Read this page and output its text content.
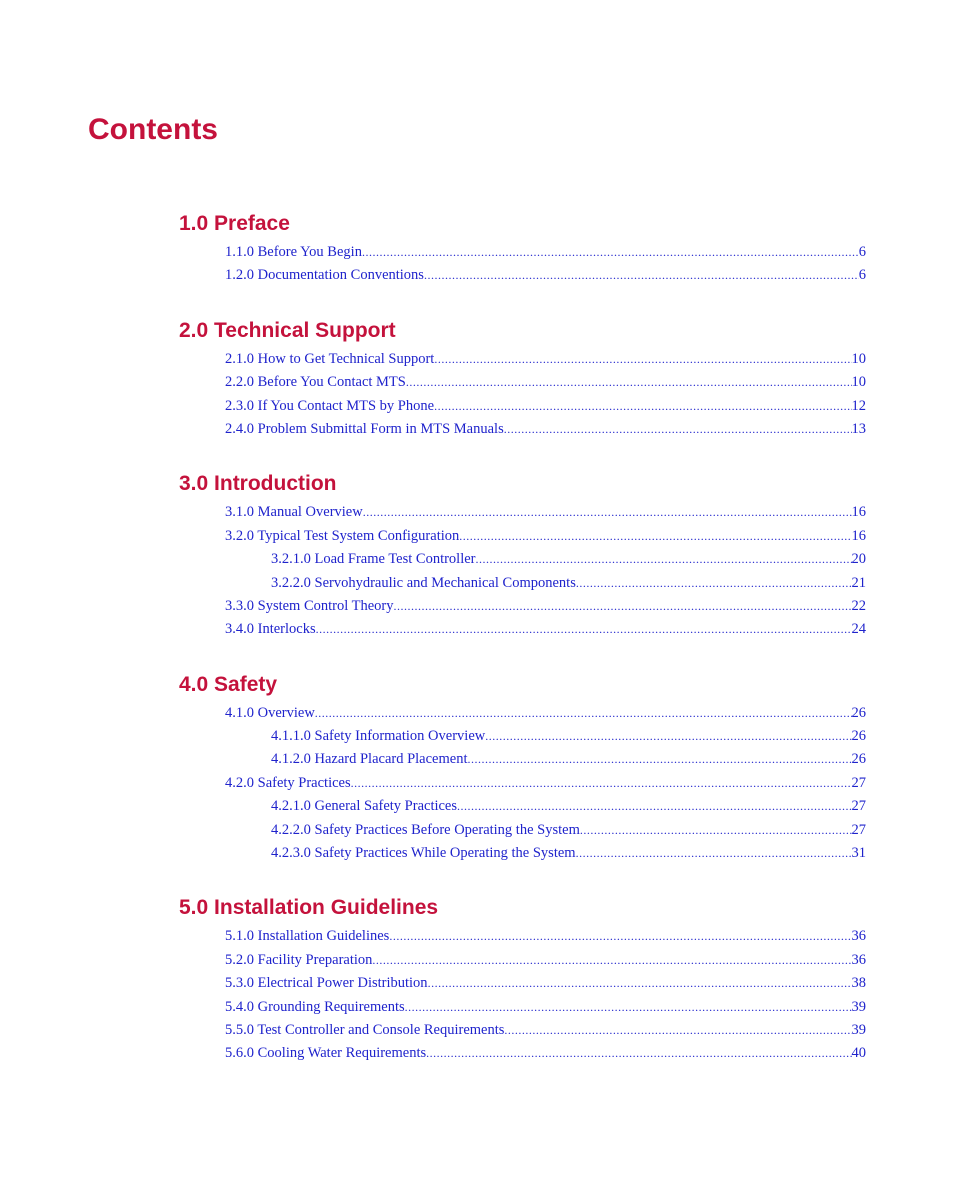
Contents
1.0 Preface
1.1.0 Before You Begin .....	6
1.2.0 Documentation Conventions .....	6
2.0 Technical Support
2.1.0 How to Get Technical Support .....	10
2.2.0 Before You Contact MTS .....	10
2.3.0 If You Contact MTS by Phone .....	12
2.4.0 Problem Submittal Form in MTS Manuals .....	13
3.0 Introduction
3.1.0 Manual Overview .....	16
3.2.0 Typical Test System Configuration .....	16
3.2.1.0 Load Frame Test Controller .....	20
3.2.2.0 Servohydraulic and Mechanical Components .....	21
3.3.0 System Control Theory .....	22
3.4.0 Interlocks .....	24
4.0 Safety
4.1.0 Overview .....	26
4.1.1.0 Safety Information Overview .....	26
4.1.2.0 Hazard Placard Placement .....	26
4.2.0 Safety Practices .....	27
4.2.1.0 General Safety Practices .....	27
4.2.2.0 Safety Practices Before Operating the System .....	27
4.2.3.0 Safety Practices While Operating the System .....	31
5.0 Installation Guidelines
5.1.0 Installation Guidelines .....	36
5.2.0 Facility Preparation .....	36
5.3.0 Electrical Power Distribution .....	38
5.4.0 Grounding Requirements .....	39
5.5.0 Test Controller and Console Requirements .....	39
5.6.0 Cooling Water Requirements .....	40
